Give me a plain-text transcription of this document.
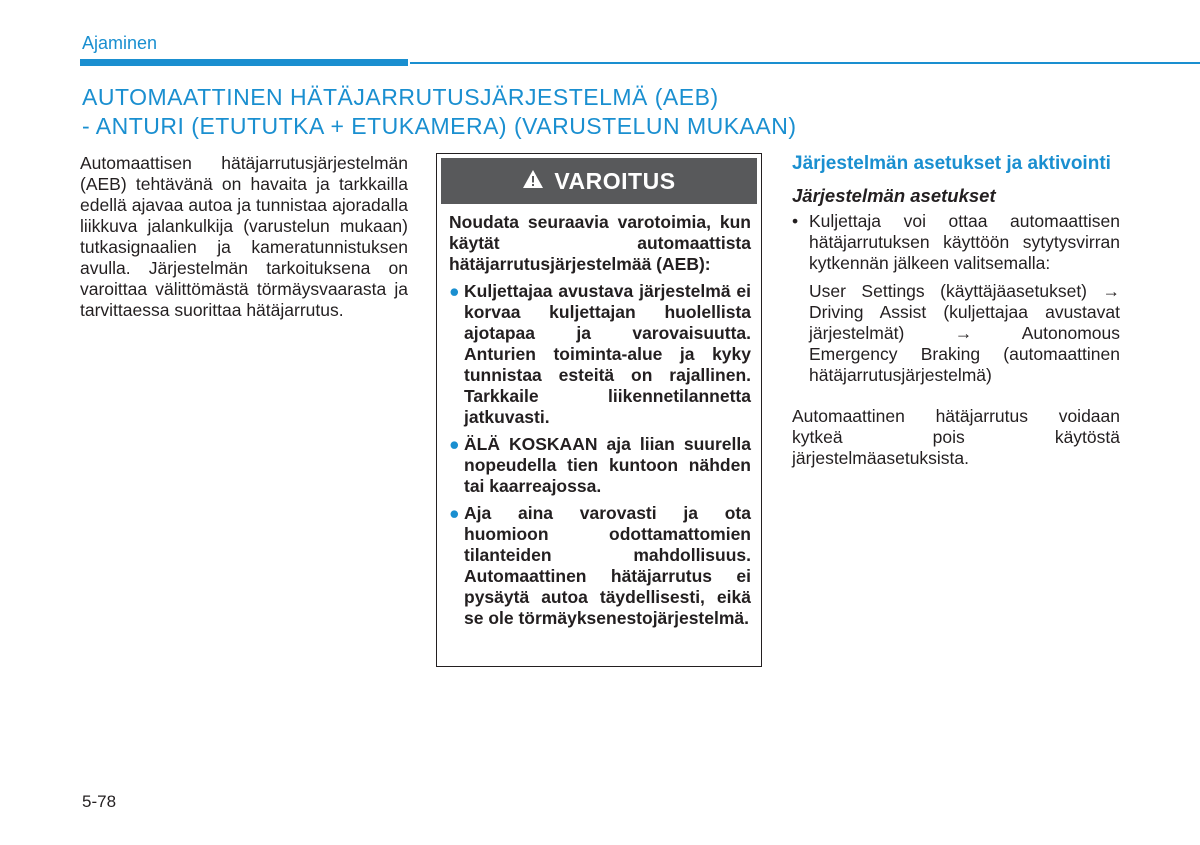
Ajaminen
AUTOMAATTINEN HÄTÄJARRUTUSJÄRJESTELMÄ (AEB)
- ANTURI (ETUTUTKA + ETUKAMERA) (VARUSTELUN MUKAAN)
Automaattisen hätäjarrutusjärjestelmän (AEB) tehtävänä on havaita ja tarkkailla edellä ajavaa autoa ja tunnistaa ajoradalla liikkuva jalankulkija (varustelun mukaan) tutkasignaalien ja kameratunnistuksen avulla. Järjestelmän tarkoituksena on varoittaa välittömästä törmäysvaarasta ja tarvittaessa suorittaa hätäjarrutus.
VAROITUS

Noudata seuraavia varotoimia, kun käytät automaattista hätäjarrutusjärjestelmää (AEB):

● Kuljettajaa avustava järjestelmä ei korvaa kuljettajan huolellista ajotapaa ja varovaisuutta. Anturien toiminta-alue ja kyky tunnistaa esteitä on rajallinen. Tarkkaile liikennetilannetta jatkuvasti.
● ÄLÄ KOSKAAN aja liian suurella nopeudella tien kuntoon nähden tai kaarreajossa.
● Aja aina varovasti ja ota huomioon odottamattomien tilanteiden mahdollisuus. Automaattinen hätäjarrutus ei pysäytä autoa täydellisesti, eikä se ole törmäyksenestojärjestelmä.
Järjestelmän asetukset ja aktivointi
Järjestelmän asetukset
• Kuljettaja voi ottaa automaattisen hätäjarrutuksen käyttöön sytytysvirran kytkennän jälkeen valitsemalla:
User Settings (käyttäjäasetukset) → Driving Assist (kuljettajaa avustavat järjestelmät) → Autonomous Emergency Braking (automaattinen hätäjarrutusjärjestelmä)
Automaattinen hätäjarrutus voidaan kytkeä pois käytöstä järjestelmäasetuksista.
5-78
